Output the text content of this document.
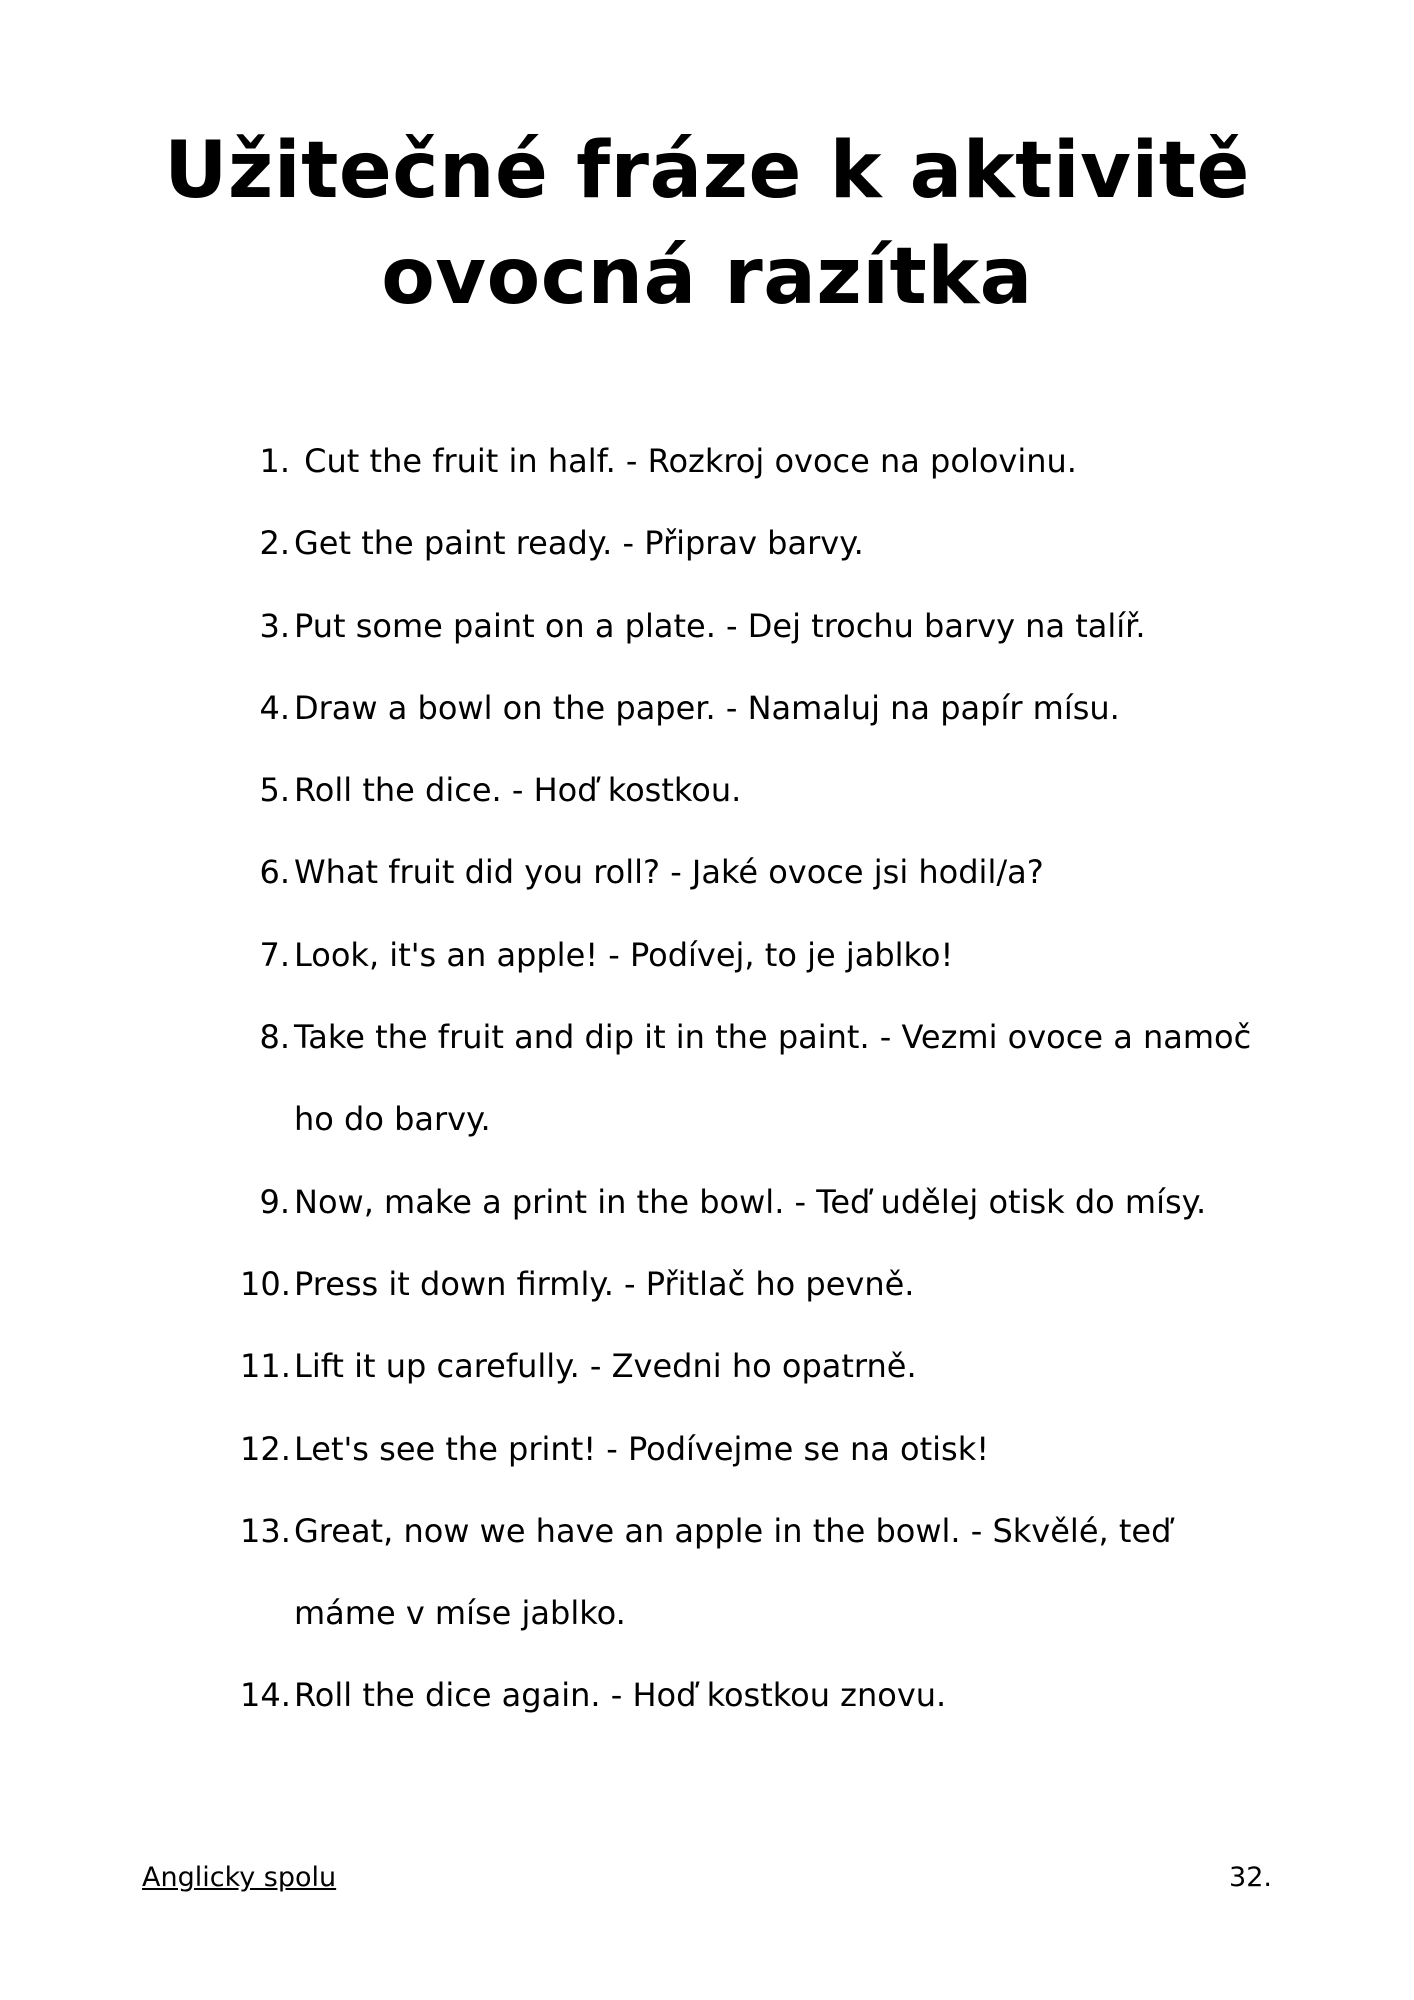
Užitečné fráze k aktivitě
ovocná razítka
1. Cut the fruit in half. - Rozkroj ovoce na polovinu.
2. Get the paint ready. - Připrav barvy.
3. Put some paint on a plate. - Dej trochu barvy na talíř.
4. Draw a bowl on the paper. - Namaluj na papír mísu.
5. Roll the dice. - Hoď kostkou.
6. What fruit did you roll? - Jaké ovoce jsi hodil/a?
7. Look, it's an apple! - Podívej, to je jablko!
8. Take the fruit and dip it in the paint. - Vezmi ovoce a namoč ho do barvy.
9. Now, make a print in the bowl. - Teď udělej otisk do mísy.
10. Press it down firmly. - Přitlač ho pevně.
11. Lift it up carefully. - Zvedni ho opatrně.
12. Let's see the print! - Podívejme se na otisk!
13. Great, now we have an apple in the bowl. - Skvělé, teď máme v míse jablko.
14. Roll the dice again. - Hoď kostkou znovu.
Anglicky spolu	32.
